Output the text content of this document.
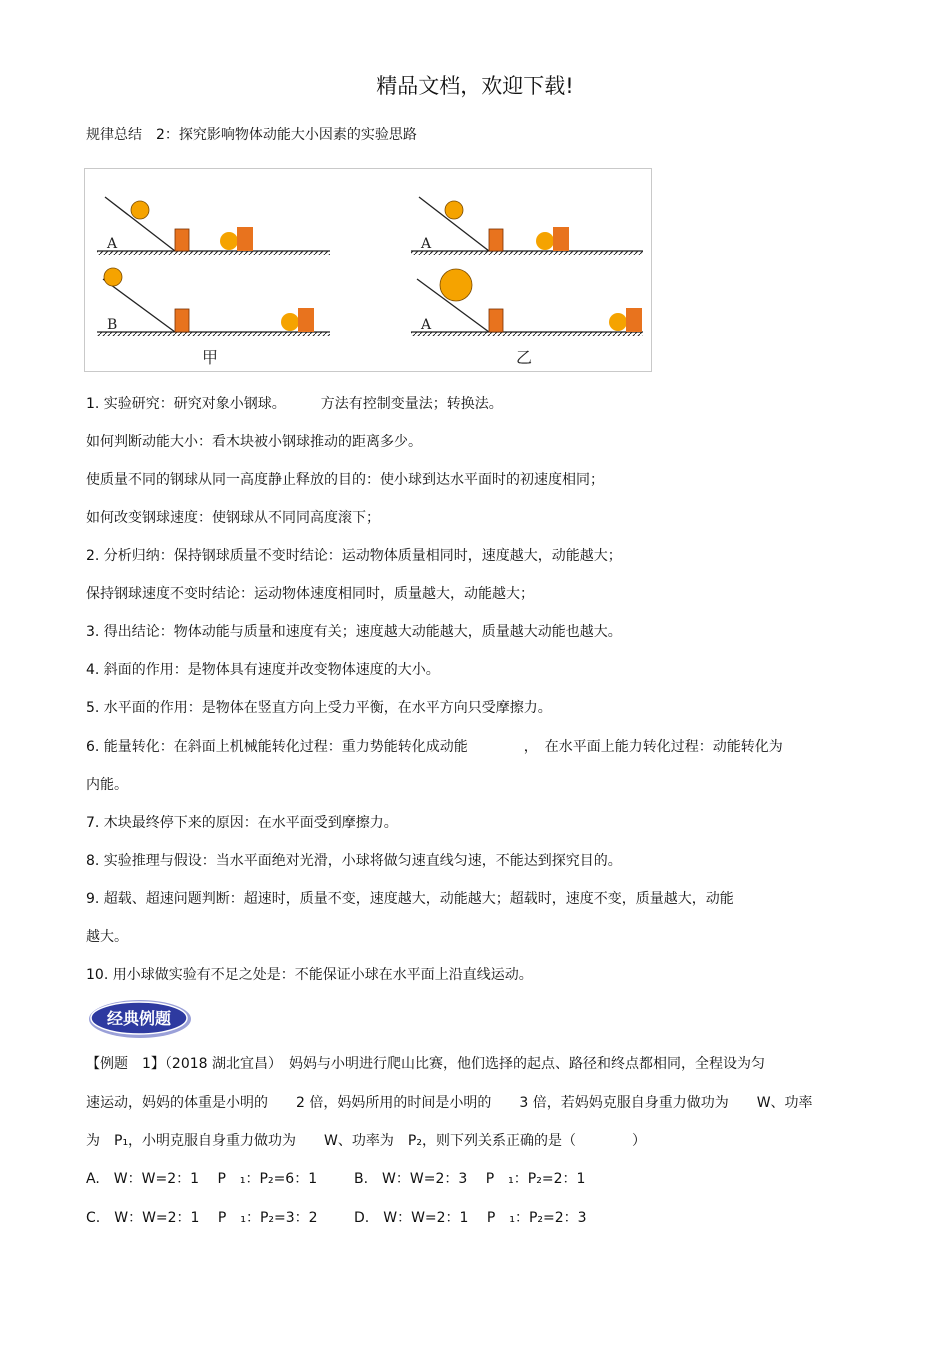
精品文档，欢迎下载!
规律总结　2：探究影响物体动能大小因素的实验思路
A
B
甲
A
A
乙
1. 实验研究：研究对象小钢球。　　　方法有控制变量法；转换法。
如何判断动能大小：看木块被小钢球推动的距离多少。
使质量不同的钢球从同一高度静止释放的目的：使小球到达水平面时的初速度相同；
如何改变钢球速度：使钢球从不同同高度滚下；
2. 分析归纳：保持钢球质量不变时结论：运动物体质量相同时，速度越大，动能越大；
保持钢球速度不变时结论：运动物体速度相同时，质量越大，动能越大；
3. 得出结论：物体动能与质量和速度有关；速度越大动能越大，质量越大动能也越大。
4. 斜面的作用：是物体具有速度并改变物体速度的大小。
5. 水平面的作用：是物体在竖直方向上受力平衡，在水平方向只受摩擦力。
6. 能量转化：在斜面上机械能转化过程：重力势能转化成动能　　　　，　在水平面上能力转化过程：动能转化为
内能。
7. 木块最终停下来的原因：在水平面受到摩擦力。
8. 实验推理与假设：当水平面绝对光滑，小球将做匀速直线匀速，不能达到探究目的。
9. 超载、超速问题判断：超速时，质量不变，速度越大，动能越大；超载时，速度不变，质量越大，动能
越大。
10. 用小球做实验有不足之处是：不能保证小球在水平面上沿直线运动。
经典例题
【例题　1】（2018 湖北宜昌）　妈妈与小明进行爬山比赛，他们选择的起点、路径和终点都相同，全程设为匀
速运动，妈妈的体重是小明的　　2 倍，妈妈所用的时间是小明的　　3 倍，若妈妈克服自身重力做功为　　W、功率
为　P₁，小明克服自身重力做功为　　W、功率为　P₂，则下列关系正确的是（　　　　）
A.　W：W=2：1　 P　₁：P₂=6：1	B.　W：W=2：3　 P　₁：P₂=2：1
C.　W：W=2：1　 P　₁：P₂=3：2	D.　W：W=2：1　 P　₁：P₂=2：3
